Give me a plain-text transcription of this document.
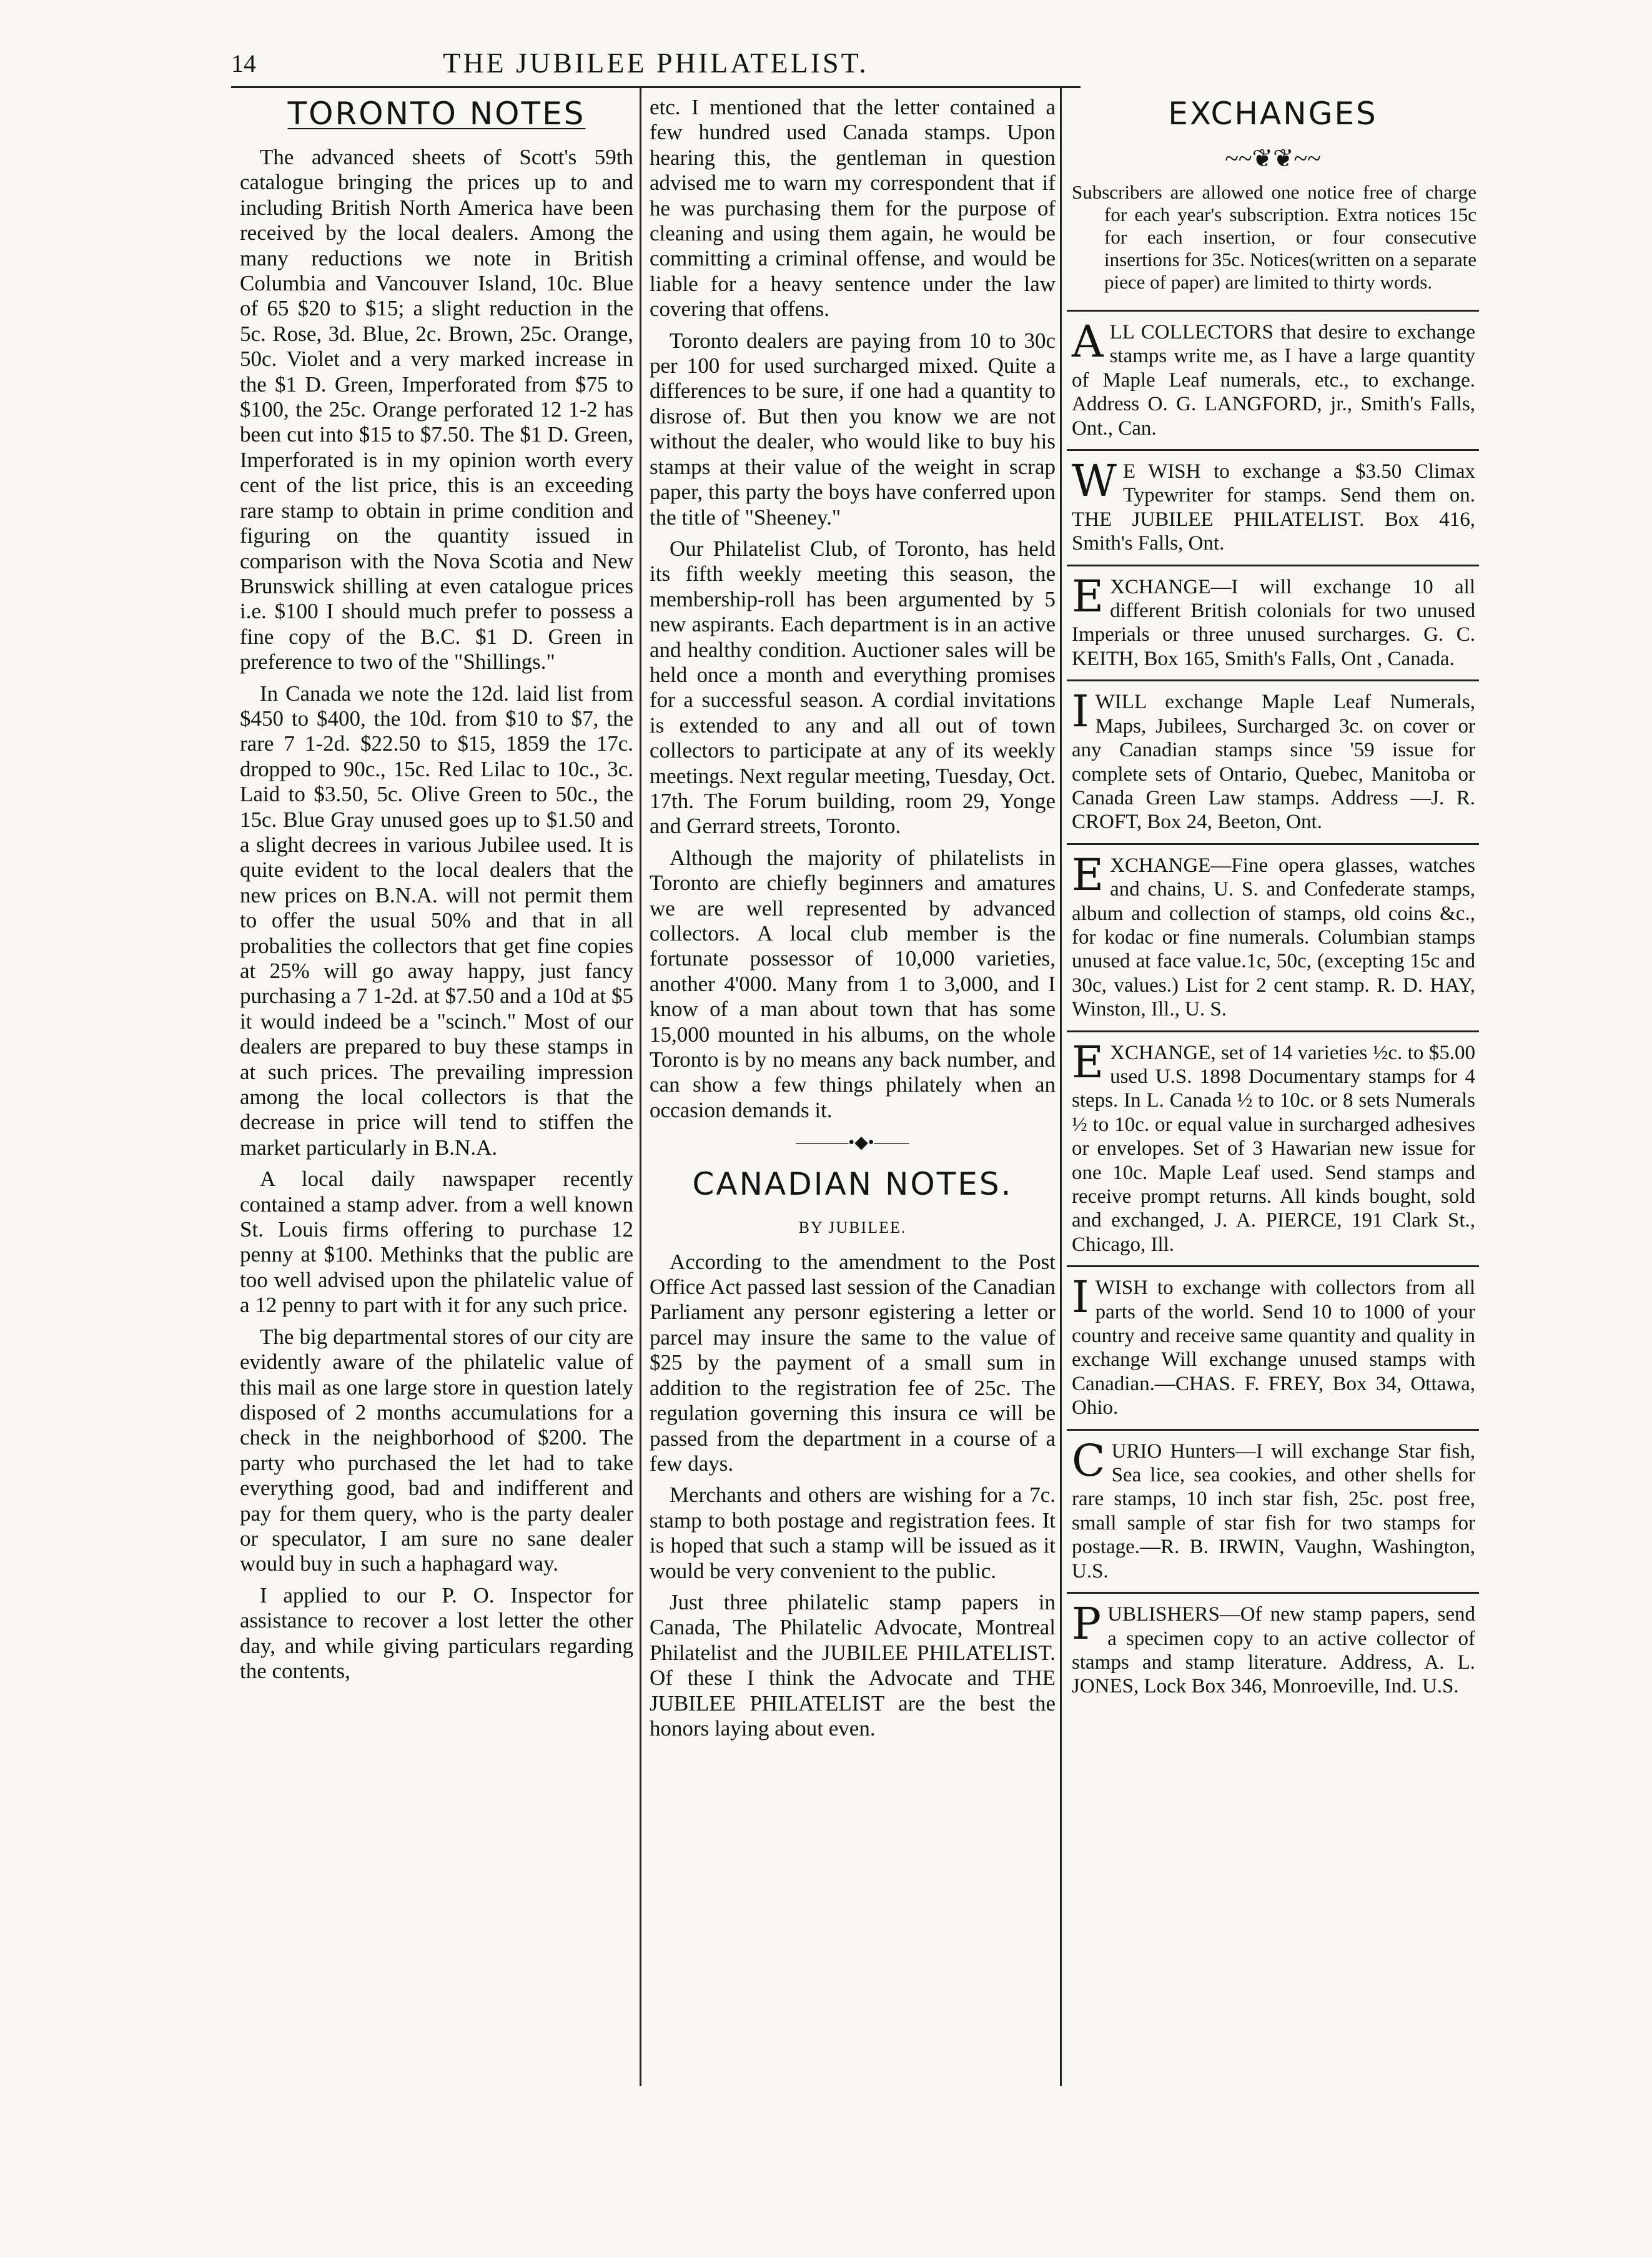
14	THE JUBILEE PHILATELIST.
TORONTO NOTES

The advanced sheets of Scott's 59th catalogue bringing the prices up to and including British North America have been received by the local dealers. Among the many reductions we note in British Columbia and Vancouver Island, 10c. Blue of 65 $20 to $15; a slight reduction in the 5c. Rose, 3d. Blue, 2c. Brown, 25c. Orange, 50c. Violet and a very marked increase in the $1 D. Green, Imperforated from $75 to $100, the 25c. Orange perforated 12 1-2 has been cut into $15 to $7.50. The $1 D. Green, Imperforated is in my opinion worth every cent of the list price, this is an exceeding rare stamp to obtain in prime condition and figuring on the quantity issued in comparison with the Nova Scotia and New Brunswick shilling at even catalogue prices i.e. $100 I should much prefer to possess a fine copy of the B.C. $1 D. Green in preference to two of the "Shillings."

In Canada we note the 12d. laid list from $450 to $400, the 10d. from $10 to $7, the rare 7 1-2d. $22.50 to $15, 1859 the 17c. dropped to 90c., 15c. Red Lilac to 10c., 3c. Laid to $3.50, 5c. Olive Green to 50c., the 15c. Blue Gray unused goes up to $1.50 and a slight decrees in various Jubilee used. It is quite evident to the local dealers that the new prices on B.N.A. will not permit them to offer the usual 50% and that in all probalities the collectors that get fine copies at 25% will go away happy, just fancy purchasing a 7 1-2d. at $7.50 and a 10d at $5 it would indeed be a "scinch." Most of our dealers are prepared to buy these stamps in at such prices. The prevailing impression among the local collectors is that the decrease in price will tend to stiffen the market particularly in B.N.A.

A local daily nawspaper recently contained a stamp adver. from a well known St. Louis firms offering to purchase 12 penny at $100. Methinks that the public are too well advised upon the philatelic value of a 12 penny to part with it for any such price.

The big departmental stores of our city are evidently aware of the philatelic value of this mail as one large store in question lately disposed of 2 months accumulations for a check in the neighborhood of $200. The party who purchased the let had to take everything good, bad and indifferent and pay for them query, who is the party dealer or speculator, I am sure no sane dealer would buy in such a haphagard way.

I applied to our P. O. Inspector for assistance to recover a lost letter the other day, and while giving particulars regarding the contents,

etc. I mentioned that the letter contained a few hundred used Canada stamps. Upon hearing this, the gentleman in question advised me to warn my correspondent that if he was purchasing them for the purpose of cleaning and using them again, he would be committing a criminal offense, and would be liable for a heavy sentence under the law covering that offens.

Toronto dealers are paying from 10 to 30c per 100 for used surcharged mixed. Quite a differences to be sure, if one had a quantity to disrose of. But then you know we are not without the dealer, who would like to buy his stamps at their value of the weight in scrap paper, this party the boys have conferred upon the title of "Sheeney."

Our Philatelist Club, of Toronto, has held its fifth weekly meeting this season, the membership-roll has been argumented by 5 new aspirants. Each department is in an active and healthy condition. Auctioner sales will be held once a month and everything promises for a successful season. A cordial invitations is extended to any and all out of town collectors to participate at any of its weekly meetings. Next regular meeting, Tuesday, Oct. 17th. The Forum building, room 29, Yonge and Gerrard streets, Toronto.

Although the majority of philatelists in Toronto are chiefly beginners and amatures we are well represented by advanced collectors. A local club member is the fortunate possessor of 10,000 varieties, another 4'000. Many from 1 to 3,000, and I know of a man about town that has some 15,000 mounted in his albums, on the whole Toronto is by no means any back number, and can show a few things philately when an occasion demands it.

———•◆•——
CANADIAN NOTES.
BY JUBILEE.

According to the amendment to the Post Office Act passed last session of the Canadian Parliament any personr egistering a letter or parcel may insure the same to the value of $25 by the payment of a small sum in addition to the registration fee of 25c. The regulation governing this insura ce will be passed from the department in a course of a few days.

Merchants and others are wishing for a 7c. stamp to both postage and registration fees. It is hoped that such a stamp will be issued as it would be very convenient to the public.

Just three philatelic stamp papers in Canada, The Philatelic Advocate, Montreal Philatelist and the JUBILEE PHILATELIST. Of these I think the Advocate and THE JUBILEE PHILATELIST are the best the honors laying about even.

EXCHANGES
~~❦❦~~
Subscribers are allowed one notice free of charge for each year's subscription. Extra notices 15c for each insertion, or four consecutive insertions for 35c. Notices(written on a separate piece of paper) are limited to thirty words.
A LL COLLECTORS that desire to exchange stamps write me, as I have a large quantity of Maple Leaf numerals, etc., to exchange. Address O. G. LANGFORD, jr., Smith's Falls, Ont., Can.
W E WISH to exchange a $3.50 Climax Typewriter for stamps. Send them on. THE JUBILEE PHILATELIST. Box 416, Smith's Falls, Ont.
E XCHANGE—I will exchange 10 all different British colonials for two unused Imperials or three unused surcharges. G. C. KEITH, Box 165, Smith's Falls, Ont , Canada.
I WILL exchange Maple Leaf Numerals, Maps, Jubilees, Surcharged 3c. on cover or any Canadian stamps since '59 issue for complete sets of Ontario, Quebec, Manitoba or Canada Green Law stamps. Address —J. R. CROFT, Box 24, Beeton, Ont.
E XCHANGE—Fine opera glasses, watches and chains, U. S. and Confederate stamps, album and collection of stamps, old coins &c., for kodac or fine numerals. Columbian stamps unused at face value.1c, 50c, (excepting 15c and 30c, values.) List for 2 cent stamp. R. D. HAY, Winston, Ill., U. S.
E XCHANGE, set of 14 varieties ½c. to $5.00 used U.S. 1898 Documentary stamps for 4 steps. In L. Canada ½ to 10c. or 8 sets Numerals ½ to 10c. or equal value in surcharged adhesives or envelopes. Set of 3 Hawarian new issue for one 10c. Maple Leaf used. Send stamps and receive prompt returns. All kinds bought, sold and exchanged, J. A. PIERCE, 191 Clark St., Chicago, Ill.
I WISH to exchange with collectors from all parts of the world. Send 10 to 1000 of your country and receive same quantity and quality in exchange Will exchange unused stamps with Canadian.—CHAS. F. FREY, Box 34, Ottawa, Ohio.
C URIO Hunters—I will exchange Star fish, Sea lice, sea cookies, and other shells for rare stamps, 10 inch star fish, 25c. post free, small sample of star fish for two stamps for postage.—R. B. IRWIN, Vaughn, Washington, U.S.
P UBLISHERS—Of new stamp papers, send a specimen copy to an active collector of stamps and stamp literature. Address, A. L. JONES, Lock Box 346, Monroeville, Ind. U.S.
